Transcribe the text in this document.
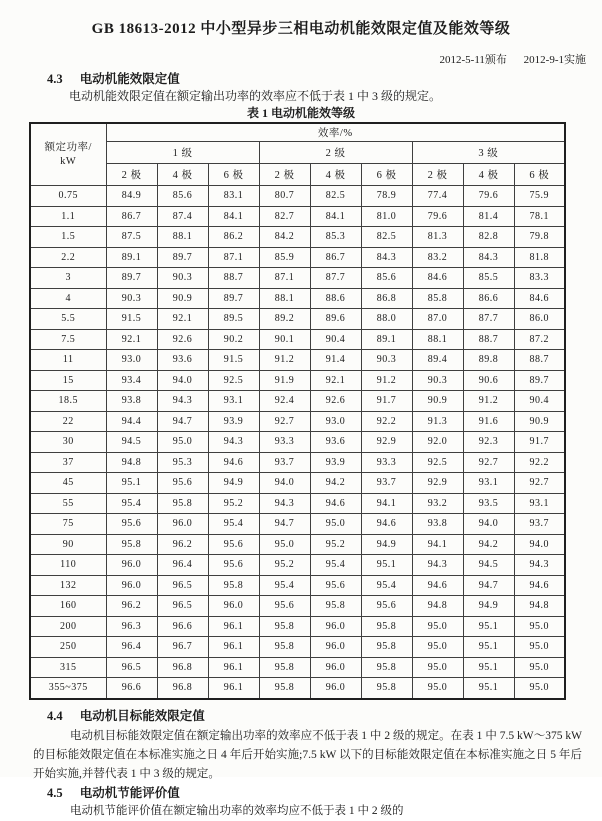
GB 18613-2012 中小型异步三相电动机能效限定值及能效等级
2012-5-11颁布 2012-9-1实施
4.3 电动机能效限定值

电动机能效限定值在额定输出功率的效率应不低于表 1 中 3 级的规定。

表 1 电动机能效等级
额定功率/
kW	效率/%								
	1 级			2 级			3 级		
	2 极	4 极	6 极	2 极	4 极	6 极	2 极	4 极	6 极
0.75	84.9	85.6	83.1	80.7	82.5	78.9	77.4	79.6	75.9
1.1	86.7	87.4	84.1	82.7	84.1	81.0	79.6	81.4	78.1
1.5	87.5	88.1	86.2	84.2	85.3	82.5	81.3	82.8	79.8
2.2	89.1	89.7	87.1	85.9	86.7	84.3	83.2	84.3	81.8
3	89.7	90.3	88.7	87.1	87.7	85.6	84.6	85.5	83.3
4	90.3	90.9	89.7	88.1	88.6	86.8	85.8	86.6	84.6
5.5	91.5	92.1	89.5	89.2	89.6	88.0	87.0	87.7	86.0
7.5	92.1	92.6	90.2	90.1	90.4	89.1	88.1	88.7	87.2
11	93.0	93.6	91.5	91.2	91.4	90.3	89.4	89.8	88.7
15	93.4	94.0	92.5	91.9	92.1	91.2	90.3	90.6	89.7
18.5	93.8	94.3	93.1	92.4	92.6	91.7	90.9	91.2	90.4
22	94.4	94.7	93.9	92.7	93.0	92.2	91.3	91.6	90.9
30	94.5	95.0	94.3	93.3	93.6	92.9	92.0	92.3	91.7
37	94.8	95.3	94.6	93.7	93.9	93.3	92.5	92.7	92.2
45	95.1	95.6	94.9	94.0	94.2	93.7	92.9	93.1	92.7
55	95.4	95.8	95.2	94.3	94.6	94.1	93.2	93.5	93.1
75	95.6	96.0	95.4	94.7	95.0	94.6	93.8	94.0	93.7
90	95.8	96.2	95.6	95.0	95.2	94.9	94.1	94.2	94.0
110	96.0	96.4	95.6	95.2	95.4	95.1	94.3	94.5	94.3
132	96.0	96.5	95.8	95.4	95.6	95.4	94.6	94.7	94.6
160	96.2	96.5	96.0	95.6	95.8	95.6	94.8	94.9	94.8
200	96.3	96.6	96.1	95.8	96.0	95.8	95.0	95.1	95.0
250	96.4	96.7	96.1	95.8	96.0	95.8	95.0	95.1	95.0
315	96.5	96.8	96.1	95.8	96.0	95.8	95.0	95.1	95.0
355~375	96.6	96.8	96.1	95.8	96.0	95.8	95.0	95.1	95.0
4.4 电动机目标能效限定值

电动机目标能效限定值在额定输出功率的效率应不低于表 1 中 2 级的规定。在表 1 中 7.5 kW～375 kW 的目标能效限定值在本标准实施之日 4 年后开始实施;7.5 kW 以下的目标能效限定值在本标准实施之日 5 年后开始实施,并替代表 1 中 3 级的规定。

4.5 电动机节能评价值

电动机节能评价值在额定输出功率的效率均应不低于表 1 中 2 级的
